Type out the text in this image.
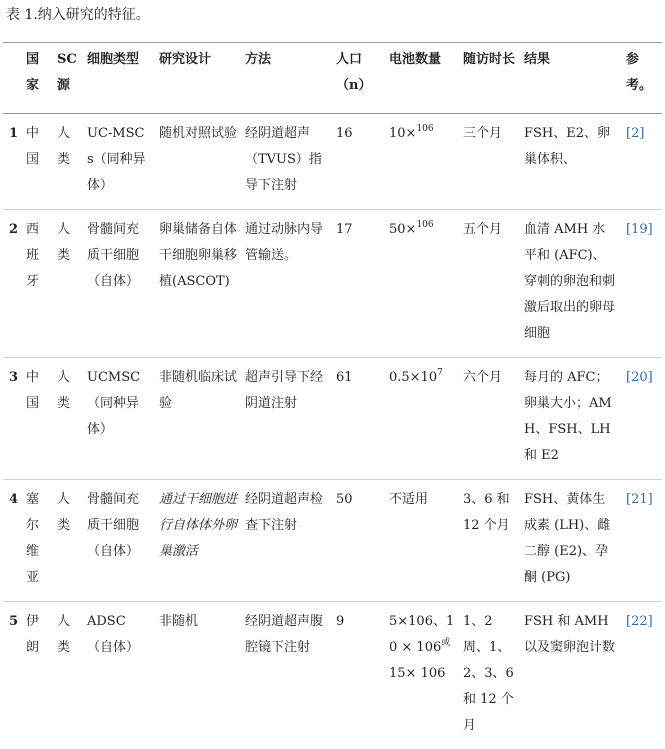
表 1.纳入研究的特征。
	国家	SC源	细胞类型	研究设计	方法	人口（n）	电池数量	随访时长	结果	参考。
1	中国	人类	UC-MSCs（同种异体）	随机对照试验	经阴道超声（TVUS）指导下注射	16	10×$^{106}$	三个月	FSH、E2、卵巢体积、	[2]
2	西班牙	人类	骨髓间充质干细胞（自体）	卵巢储备自体干细胞卵巢移植(ASCOT)	通过动脉内导管输送。	17	50×$^{106}$	五个月	血清 AMH 水平和 (AFC)、穿刺的卵泡和刺激后取出的卵母细胞	[19]
3	中国	人类	UCMSC（同种异体）	非随机临床试验	超声引导下经阴道注射	61	$0.5\times 10^7$	六个月	每月的 AFC；卵巢大小；AMH、FSH、LH 和 E2	[20]
4	塞尔维亚	人类	骨髓间充质干细胞（自体）	通过干细胞进行自体体外卵巢激活	经阴道超声检查下注射	50	不适用	3、6 和 12 个月	FSH、黄体生成素 (LH)、雌二醇 (E2)、孕酮 (PG)	[21]
5	伊朗	人类	ADSC（自体）	非随机	经阴道超声腹腔镜下注射	9	5×106、$10 \times 106^或$ 15× 106	1、2 周、1、2、3、6 和 12 个月	FSH 和 AMH 以及窦卵泡计数	[22]
